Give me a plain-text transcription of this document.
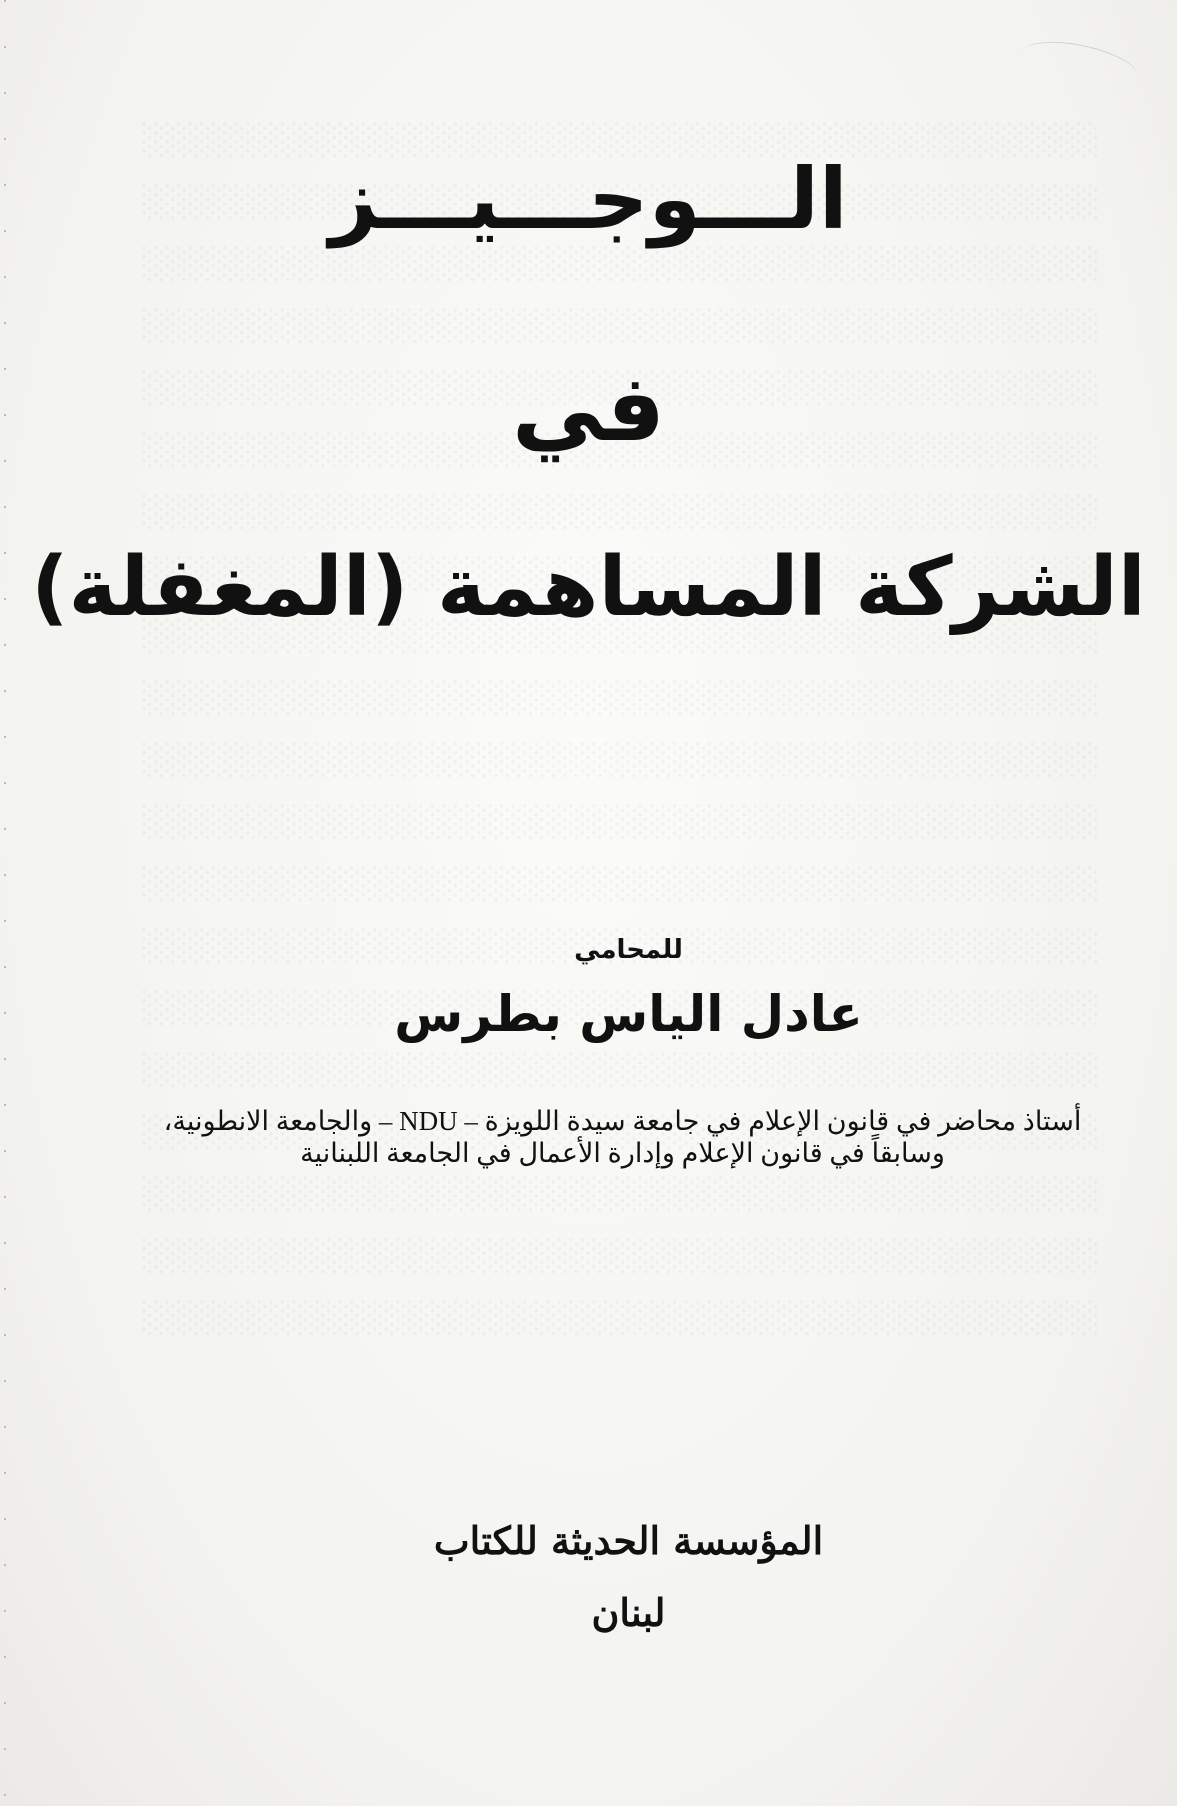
الـــوجـــيـــز
في
الشركة المساهمة (المغفلة)
للمحامي
عادل الياس بطرس
أستاذ محاضر في قانون الإعلام في جامعة سيدة اللويزة – NDU – والجامعة الانطونية،
وسابقاً في قانون الإعلام وإدارة الأعمال في الجامعة اللبنانية
المؤسسة الحديثة للكتاب
لبنان
